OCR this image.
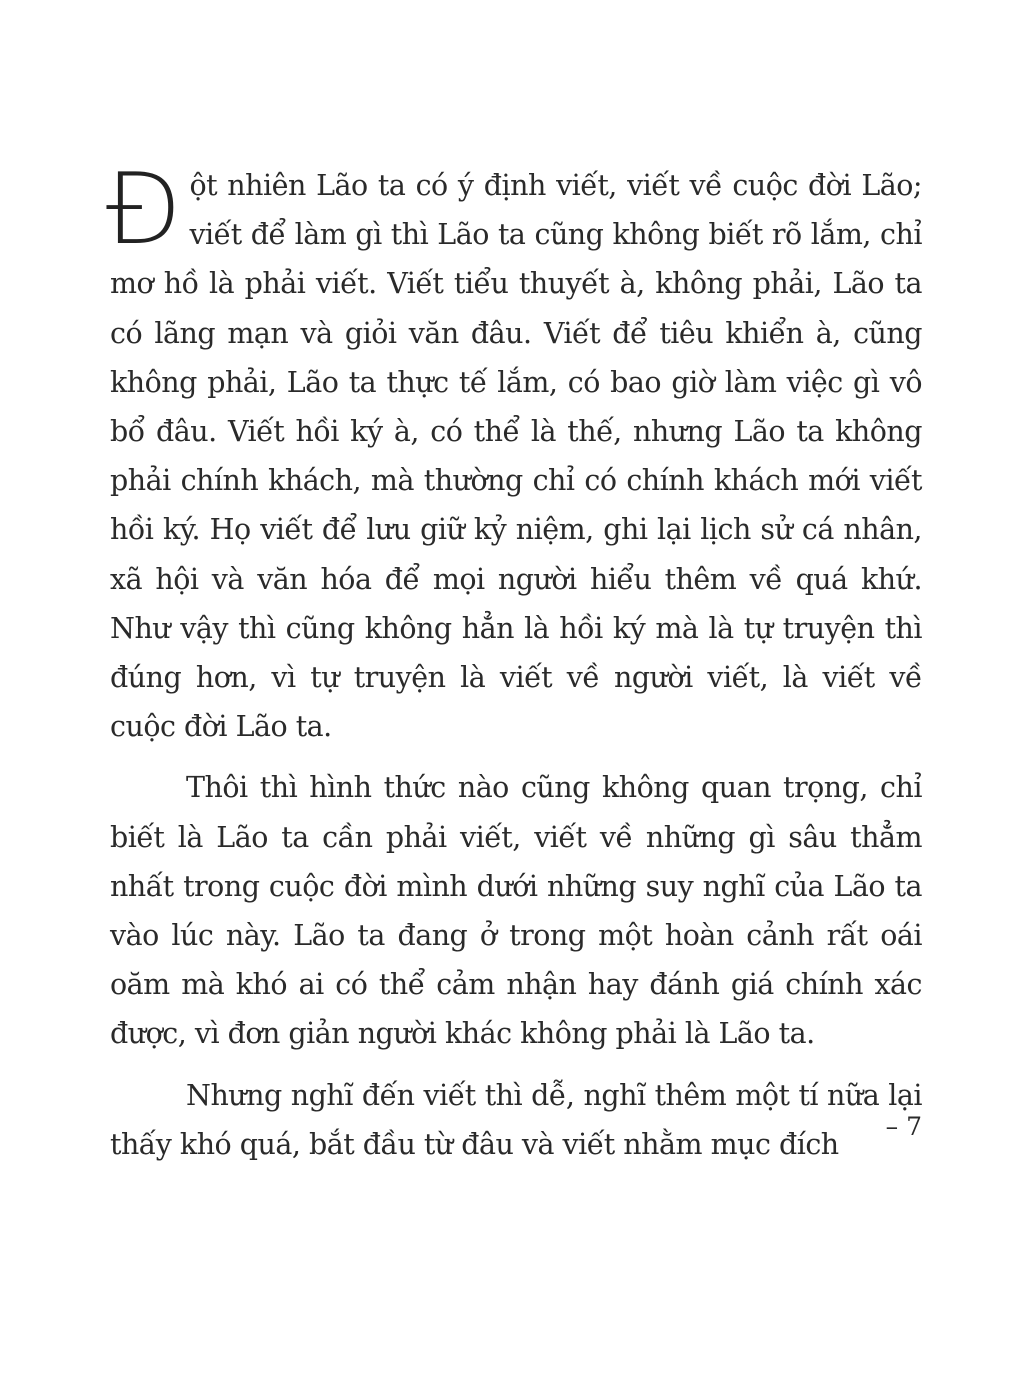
Đột nhiên Lão ta có ý định viết, viết về cuộc đời Lão; viết để làm gì thì Lão ta cũng không biết rõ lắm, chỉ mơ hồ là phải viết. Viết tiểu thuyết à, không phải, Lão ta có lãng mạn và giỏi văn đâu. Viết để tiêu khiển à, cũng không phải, Lão ta thực tế lắm, có bao giờ làm việc gì vô bổ đâu. Viết hồi ký à, có thể là thế, nhưng Lão ta không phải chính khách, mà thường chỉ có chính khách mới viết hồi ký. Họ viết để lưu giữ kỷ niệm, ghi lại lịch sử cá nhân, xã hội và văn hóa để mọi người hiểu thêm về quá khứ. Như vậy thì cũng không hẳn là hồi ký mà là tự truyện thì đúng hơn, vì tự truyện là viết về người viết, là viết về cuộc đời Lão ta.

Thôi thì hình thức nào cũng không quan trọng, chỉ biết là Lão ta cần phải viết, viết về những gì sâu thẳm nhất trong cuộc đời mình dưới những suy nghĩ của Lão ta vào lúc này. Lão ta đang ở trong một hoàn cảnh rất oái oăm mà khó ai có thể cảm nhận hay đánh giá chính xác được, vì đơn giản người khác không phải là Lão ta.

Nhưng nghĩ đến viết thì dễ, nghĩ thêm một tí nữa lại thấy khó quá, bắt đầu từ đâu và viết nhằm mục đích

– 7
